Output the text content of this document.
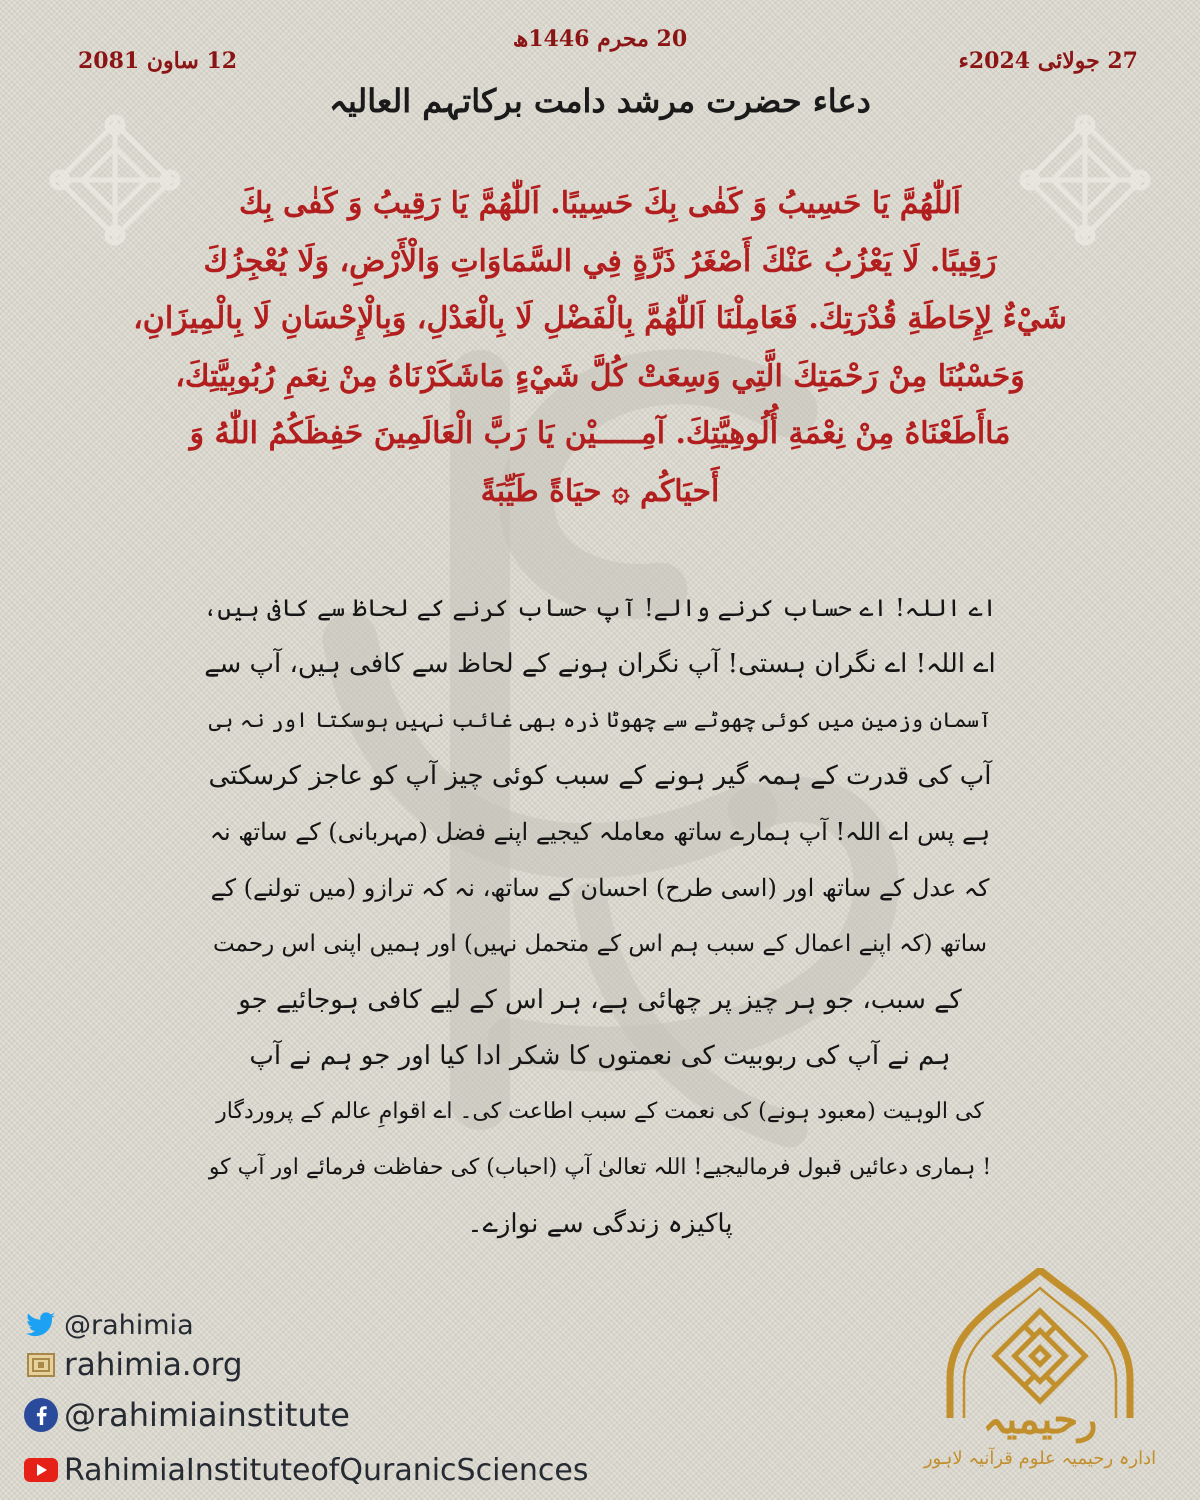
20 محرم 1446ھ
27 جولائی 2024ء
12 ساون 2081
دعاء حضرت مرشد دامت برکاتہم العالیہ
اَللّٰهُمَّ يَا حَسِيبُ وَ كَفٰى بِكَ حَسِيبًا. اَللّٰهُمَّ يَا رَقِيبُ وَ كَفٰى بِكَ
رَقِيبًا. لَا يَعْزُبُ عَنْكَ أَصْغَرُ ذَرَّةٍ فِي السَّمَاوَاتِ وَالْأَرْضِ، وَلَا يُعْجِزُكَ
شَيْءٌ لِإِحَاطَةِ قُدْرَتِكَ. فَعَامِلْنَا اَللّٰهُمَّ بِالْفَضْلِ لَا بِالْعَدْلِ، وَبِالْإِحْسَانِ لَا بِالْمِيزَانِ،
وَحَسْبُنَا مِنْ رَحْمَتِكَ الَّتِي وَسِعَتْ كُلَّ شَيْءٍ مَاشَكَرْنَاهُ مِنْ نِعَمِ رُبُوبِيَّتِكَ،
مَاأَطَعْنَاهُ مِنْ نِعْمَةِ أُلُوهِيَّتِكَ. آمِـــــيْن يَا رَبَّ الْعَالَمِينَ حَفِظَكُمُ اللّٰهُ وَ
أَحيَاكُم ۞ حيَاةً طَيِّبَةً
اے اللہ! اے حساب کرنے والے! آپ حساب کرنے کے لحاظ سے کافی ہیں،
اے اللہ! اے نگران ہستی! آپ نگران ہونے کے لحاظ سے کافی ہیں، آپ سے
آسمان وزمین میں کوئی چھوٹے سے چھوٹا ذرہ بھی غائب نہیں ہوسکتا اور نہ ہی
آپ کی قدرت کے ہمہ گیر ہونے کے سبب کوئی چیز آپ کو عاجز کرسکتی
ہے پس اے اللہ! آپ ہمارے ساتھ معاملہ کیجیے اپنے فضل (مہربانی) کے ساتھ نہ
کہ عدل کے ساتھ اور (اسی طرح) احسان کے ساتھ، نہ کہ ترازو (میں تولنے) کے
ساتھ (کہ اپنے اعمال کے سبب ہم اس کے متحمل نہیں) اور ہمیں اپنی اس رحمت
کے سبب، جو ہر چیز پر چھائی ہے، ہر اس کے لیے کافی ہوجائیے جو
ہم نے آپ کی ربوبیت کی نعمتوں کا شکر ادا کیا اور جو ہم نے آپ
کی الوہیت (معبود ہونے) کی نعمت کے سبب اطاعت کی۔ اے اقوامِ عالم کے پروردگار
! ہماری دعائیں قبول فرمالیجیے! اللہ تعالیٰ آپ (احباب) کی حفاظت فرمائے اور آپ کو
پاکیزہ زندگی سے نوازے۔
@rahimia
rahimia.org
@rahimiainstitute
RahimiaInstituteofQuranicSciences
رحیمیہ
ادارہ رحیمیہ علوم قرآنیہ لاہور
